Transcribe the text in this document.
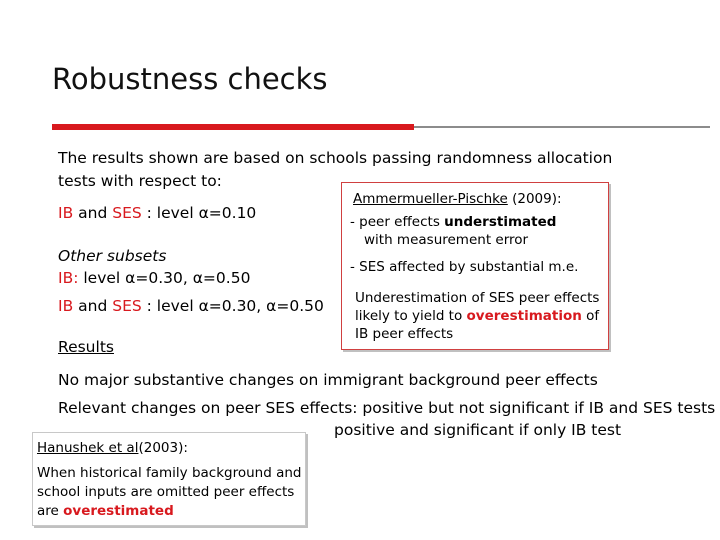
Robustness checks
The results shown are based on schools passing randomness allocation
tests with respect to:
IB and SES : level α=0.10
Other subsets
IB: level α=0.30, α=0.50
IB and SES : level α=0.30, α=0.50
Results
No major substantive changes on immigrant background peer effects
Relevant changes on peer SES effects: positive but not significant if IB and SES tests
positive and significant if only IB test
Ammermueller-Pischke (2009):
- peer effects understimated
with measurement error
- SES affected by substantial m.e.
Underestimation of SES peer effects
likely to yield to overestimation of
IB peer effects
Hanushek et al(2003):
When historical family background and
school inputs are omitted peer effects
are overestimated
